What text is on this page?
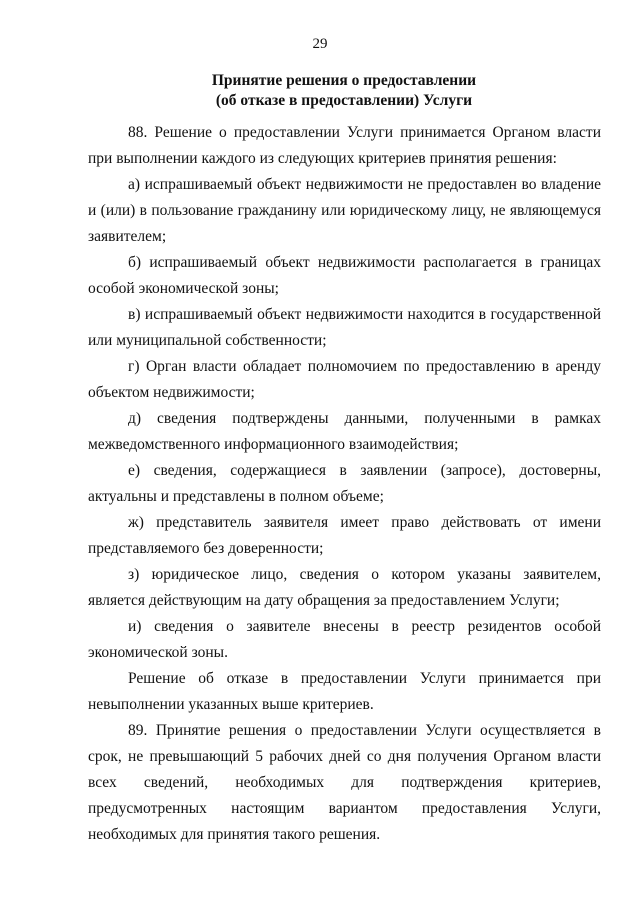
29
Принятие решения о предоставлении
(об отказе в предоставлении) Услуги

88. Решение о предоставлении Услуги принимается Органом власти при выполнении каждого из следующих критериев принятия решения:

а) испрашиваемый объект недвижимости не предоставлен во владение и (или) в пользование гражданину или юридическому лицу, не являющемуся заявителем;

б) испрашиваемый объект недвижимости располагается в границах особой экономической зоны;

в) испрашиваемый объект недвижимости находится в государственной или муниципальной собственности;

г) Орган власти обладает полномочием по предоставлению в аренду объектом недвижимости;

д) сведения подтверждены данными, полученными в рамках межведомственного информационного взаимодействия;

е) сведения, содержащиеся в заявлении (запросе), достоверны, актуальны и представлены в полном объеме;

ж) представитель заявителя имеет право действовать от имени представляемого без доверенности;

з) юридическое лицо, сведения о котором указаны заявителем, является действующим на дату обращения за предоставлением Услуги;

и) сведения о заявителе внесены в реестр резидентов особой экономической зоны.

Решение об отказе в предоставлении Услуги принимается при невыполнении указанных выше критериев.

89. Принятие решения о предоставлении Услуги осуществляется в срок, не превышающий 5 рабочих дней со дня получения Органом власти всех сведений, необходимых для подтверждения критериев, предусмотренных настоящим вариантом предоставления Услуги, необходимых для принятия такого решения.
